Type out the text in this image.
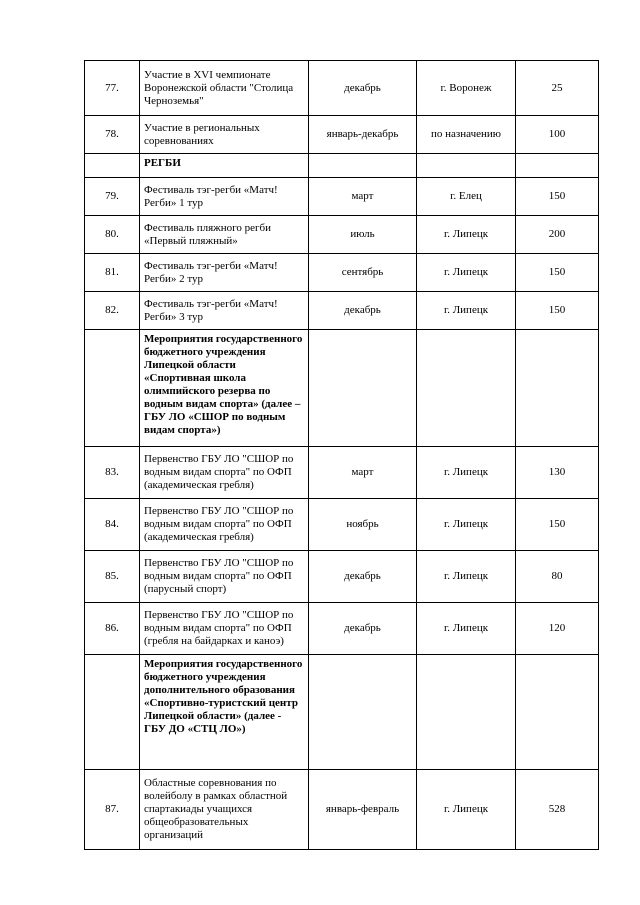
77.	Участие в XVI чемпионате Воронежской области "Столица Черноземья"	декабрь	г. Воронеж	25
78.	Участие в региональных соревнованиях	январь-декабрь	по назначению	100
	РЕГБИ			
79.	Фестиваль тэг-регби «Матч! Регби» 1 тур	март	г. Елец	150
80.	Фестиваль пляжного регби «Первый пляжный»	июль	г. Липецк	200
81.	Фестиваль тэг-регби «Матч! Регби» 2 тур	сентябрь	г. Липецк	150
82.	Фестиваль тэг-регби «Матч! Регби» 3 тур	декабрь	г. Липецк	150
	Мероприятия государственного бюджетного учреждения Липецкой области «Спортивная школа олимпийского резерва по водным видам спорта» (далее – ГБУ ЛО «СШОР по водным видам спорта»)			
83.	Первенство ГБУ ЛО "СШОР по водным видам спорта" по ОФП (академическая гребля)	март	г. Липецк	130
84.	Первенство ГБУ ЛО "СШОР по водным видам спорта" по ОФП (академическая гребля)	ноябрь	г. Липецк	150
85.	Первенство ГБУ ЛО "СШОР по водным видам спорта" по ОФП (парусный спорт)	декабрь	г. Липецк	80
86.	Первенство ГБУ ЛО "СШОР по водным видам спорта" по ОФП (гребля на байдарках и каноэ)	декабрь	г. Липецк	120
	Мероприятия государственного бюджетного учреждения дополнительного образования «Спортивно-туристский центр Липецкой области» (далее - ГБУ ДО «СТЦ ЛО»)			
87.	Областные соревнования по волейболу в рамках областной спартакиады учащихся общеобразовательных организаций	январь-февраль	г. Липецк	528
